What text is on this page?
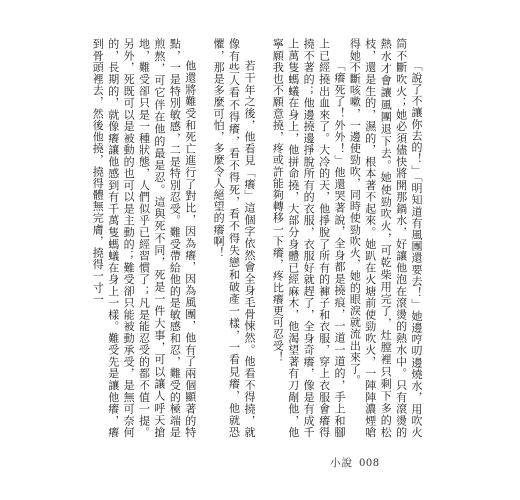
「說了不讓你去的！」「明知道有風團還要去！」她邊哼叨邊燒水，用吹火筒不斷吹火；她必須儘快將開那鍋水，好讓他泡在滾燙的熱水中。只有滾燙的熱水才會讓風團退下去。她使勁吹火，可乾柴用完了，灶膛裡只剩下多的松枝，還是生的，濕的，根本著不起來。她趴在火塘前使勁吹火，一陣陣濃煙嗆得她不斷咳嗽，一邊使勁吹，同時使勁吹火，她的眼淚就流出來了。

「癢死了！外外！」他還哭著說，全身都是撓痕，一道一道的，手上和腳上已經撓出血來了。大冷的天，他掙脫了所有的褲子和衣服，穿上衣服會癢得撓不著的；他邊撓邊掙脫所有的衣服，衣服好就趕了，全身奇癢，像是有成千上萬隻螞蟻在身上，他拼命撓，大部分身體已經麻木，他渴望著有刀剮他，他寧願我也不願意撓，疼或許能夠轉移一下癢，疼比癢更可忍受！

若干年之後，他看見「癢」這個字依然會全身毛骨悚然。他看不得撓，就像有些人看不得癢，看不得死，看不得失戀和破產一樣，一看見癢，他就恐懼，那是多麼可怕，多麼令人絕望的癢啊！

他還將難受和死亡進行了對比，因為癢，因為風團，他有了兩個顯著的特點，一是特別敏感，二是特別忍受。難受帶給他的是敏感和忍，難受的極端是煎熬，可它伴在他的最是忍。這與死不同，死是一件大事，可以讓人呼天搶地，難受卻只是一種狀態，人們似乎已經習慣了；凡是能忍受的都不值一提。另外，死既可以是被動的也可以是主動的；難受卻只能被動承受，是無可奈何的，長期的，就像癢讓他感到有千萬隻螞蟻在身上一樣。難受先是讓他癢，癢到骨頭裡去，然後他撓，撓得體無完膚，撓得一寸一

小說 008
